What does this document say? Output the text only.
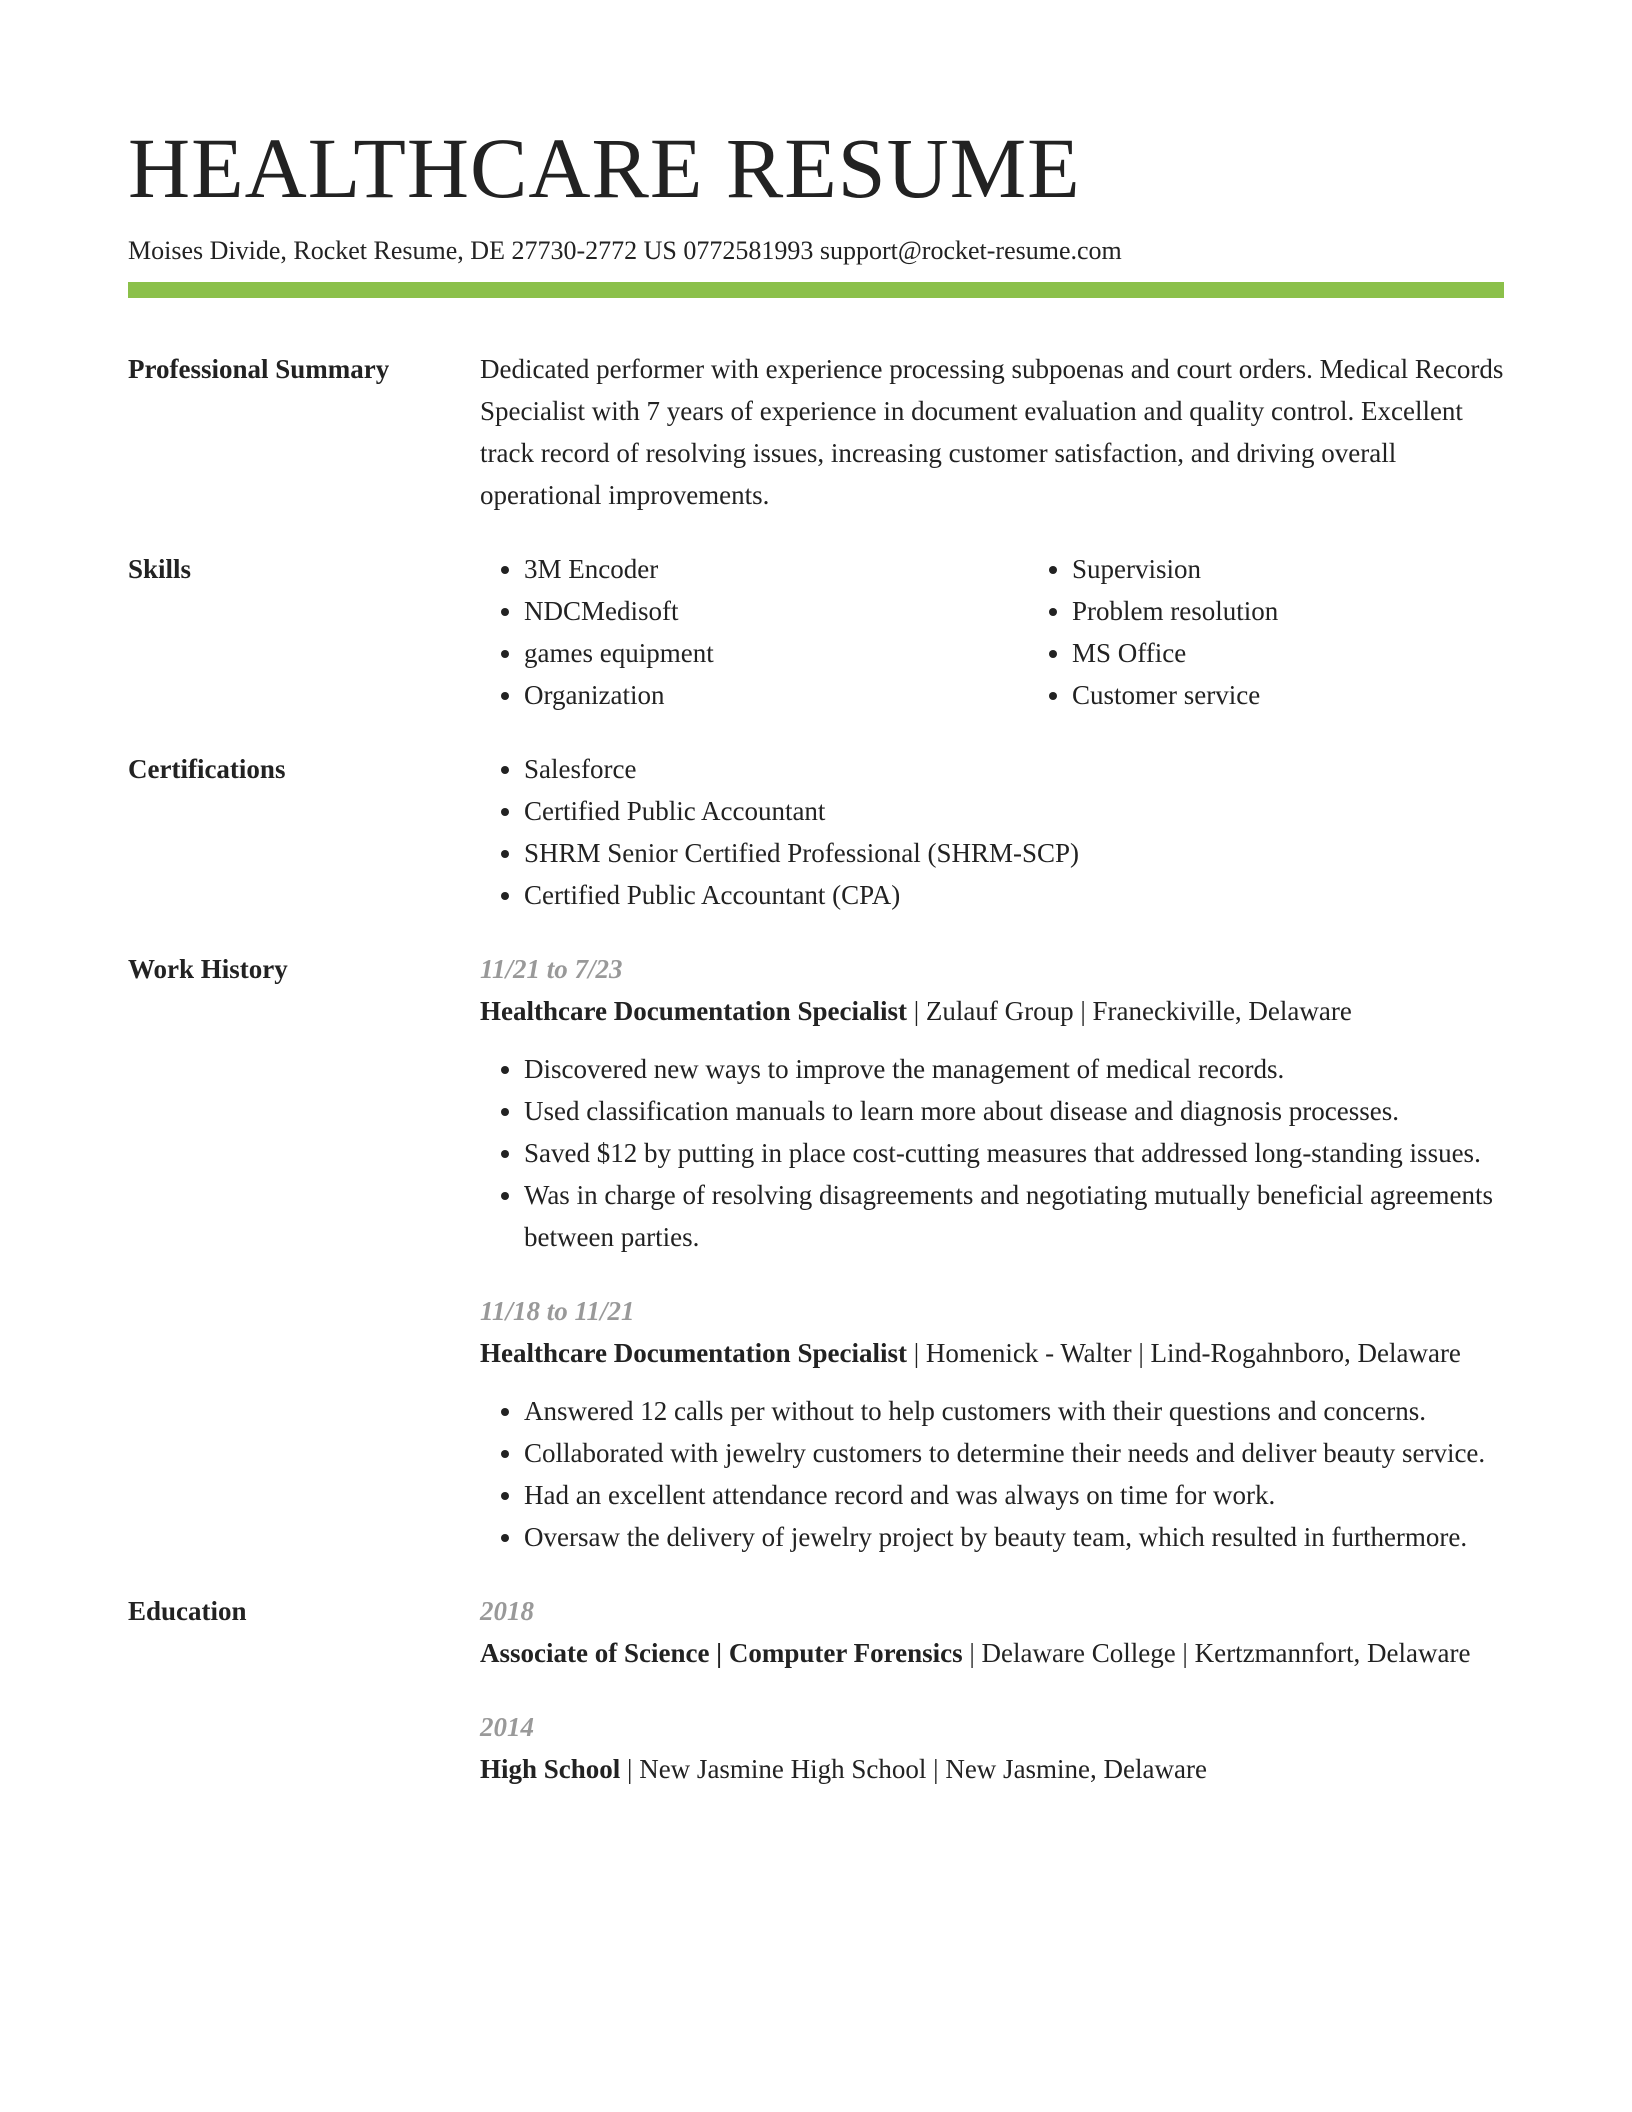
HEALTHCARE RESUME
Moises Divide, Rocket Resume, DE 27730-2772 US 0772581993 support@rocket-resume.com
Professional Summary	Dedicated performer with experience processing subpoenas and court orders. Medical Records Specialist with 7 years of experience in document evaluation and quality control. Excellent track record of resolving issues, increasing customer satisfaction, and driving overall operational improvements.
Skills	• 3M Encoder
• NDCMedisoft
• games equipment
• Organization
• Supervision
• Problem resolution
• MS Office
• Customer service
Certifications	• Salesforce
• Certified Public Accountant
• SHRM Senior Certified Professional (SHRM-SCP)
• Certified Public Accountant (CPA)
Work History	11/21 to 7/23
Healthcare Documentation Specialist | Zulauf Group | Franeckiville, Delaware
• Discovered new ways to improve the management of medical records.
• Used classification manuals to learn more about disease and diagnosis processes.
• Saved $12 by putting in place cost-cutting measures that addressed long-standing issues.
• Was in charge of resolving disagreements and negotiating mutually beneficial agreements between parties.
11/18 to 11/21
Healthcare Documentation Specialist | Homenick - Walter | Lind-Rogahnboro, Delaware
• Answered 12 calls per without to help customers with their questions and concerns.
• Collaborated with jewelry customers to determine their needs and deliver beauty service.
• Had an excellent attendance record and was always on time for work.
• Oversaw the delivery of jewelry project by beauty team, which resulted in furthermore.
Education	2018
Associate of Science | Computer Forensics | Delaware College | Kertzmannfort, Delaware
2014
High School | New Jasmine High School | New Jasmine, Delaware
